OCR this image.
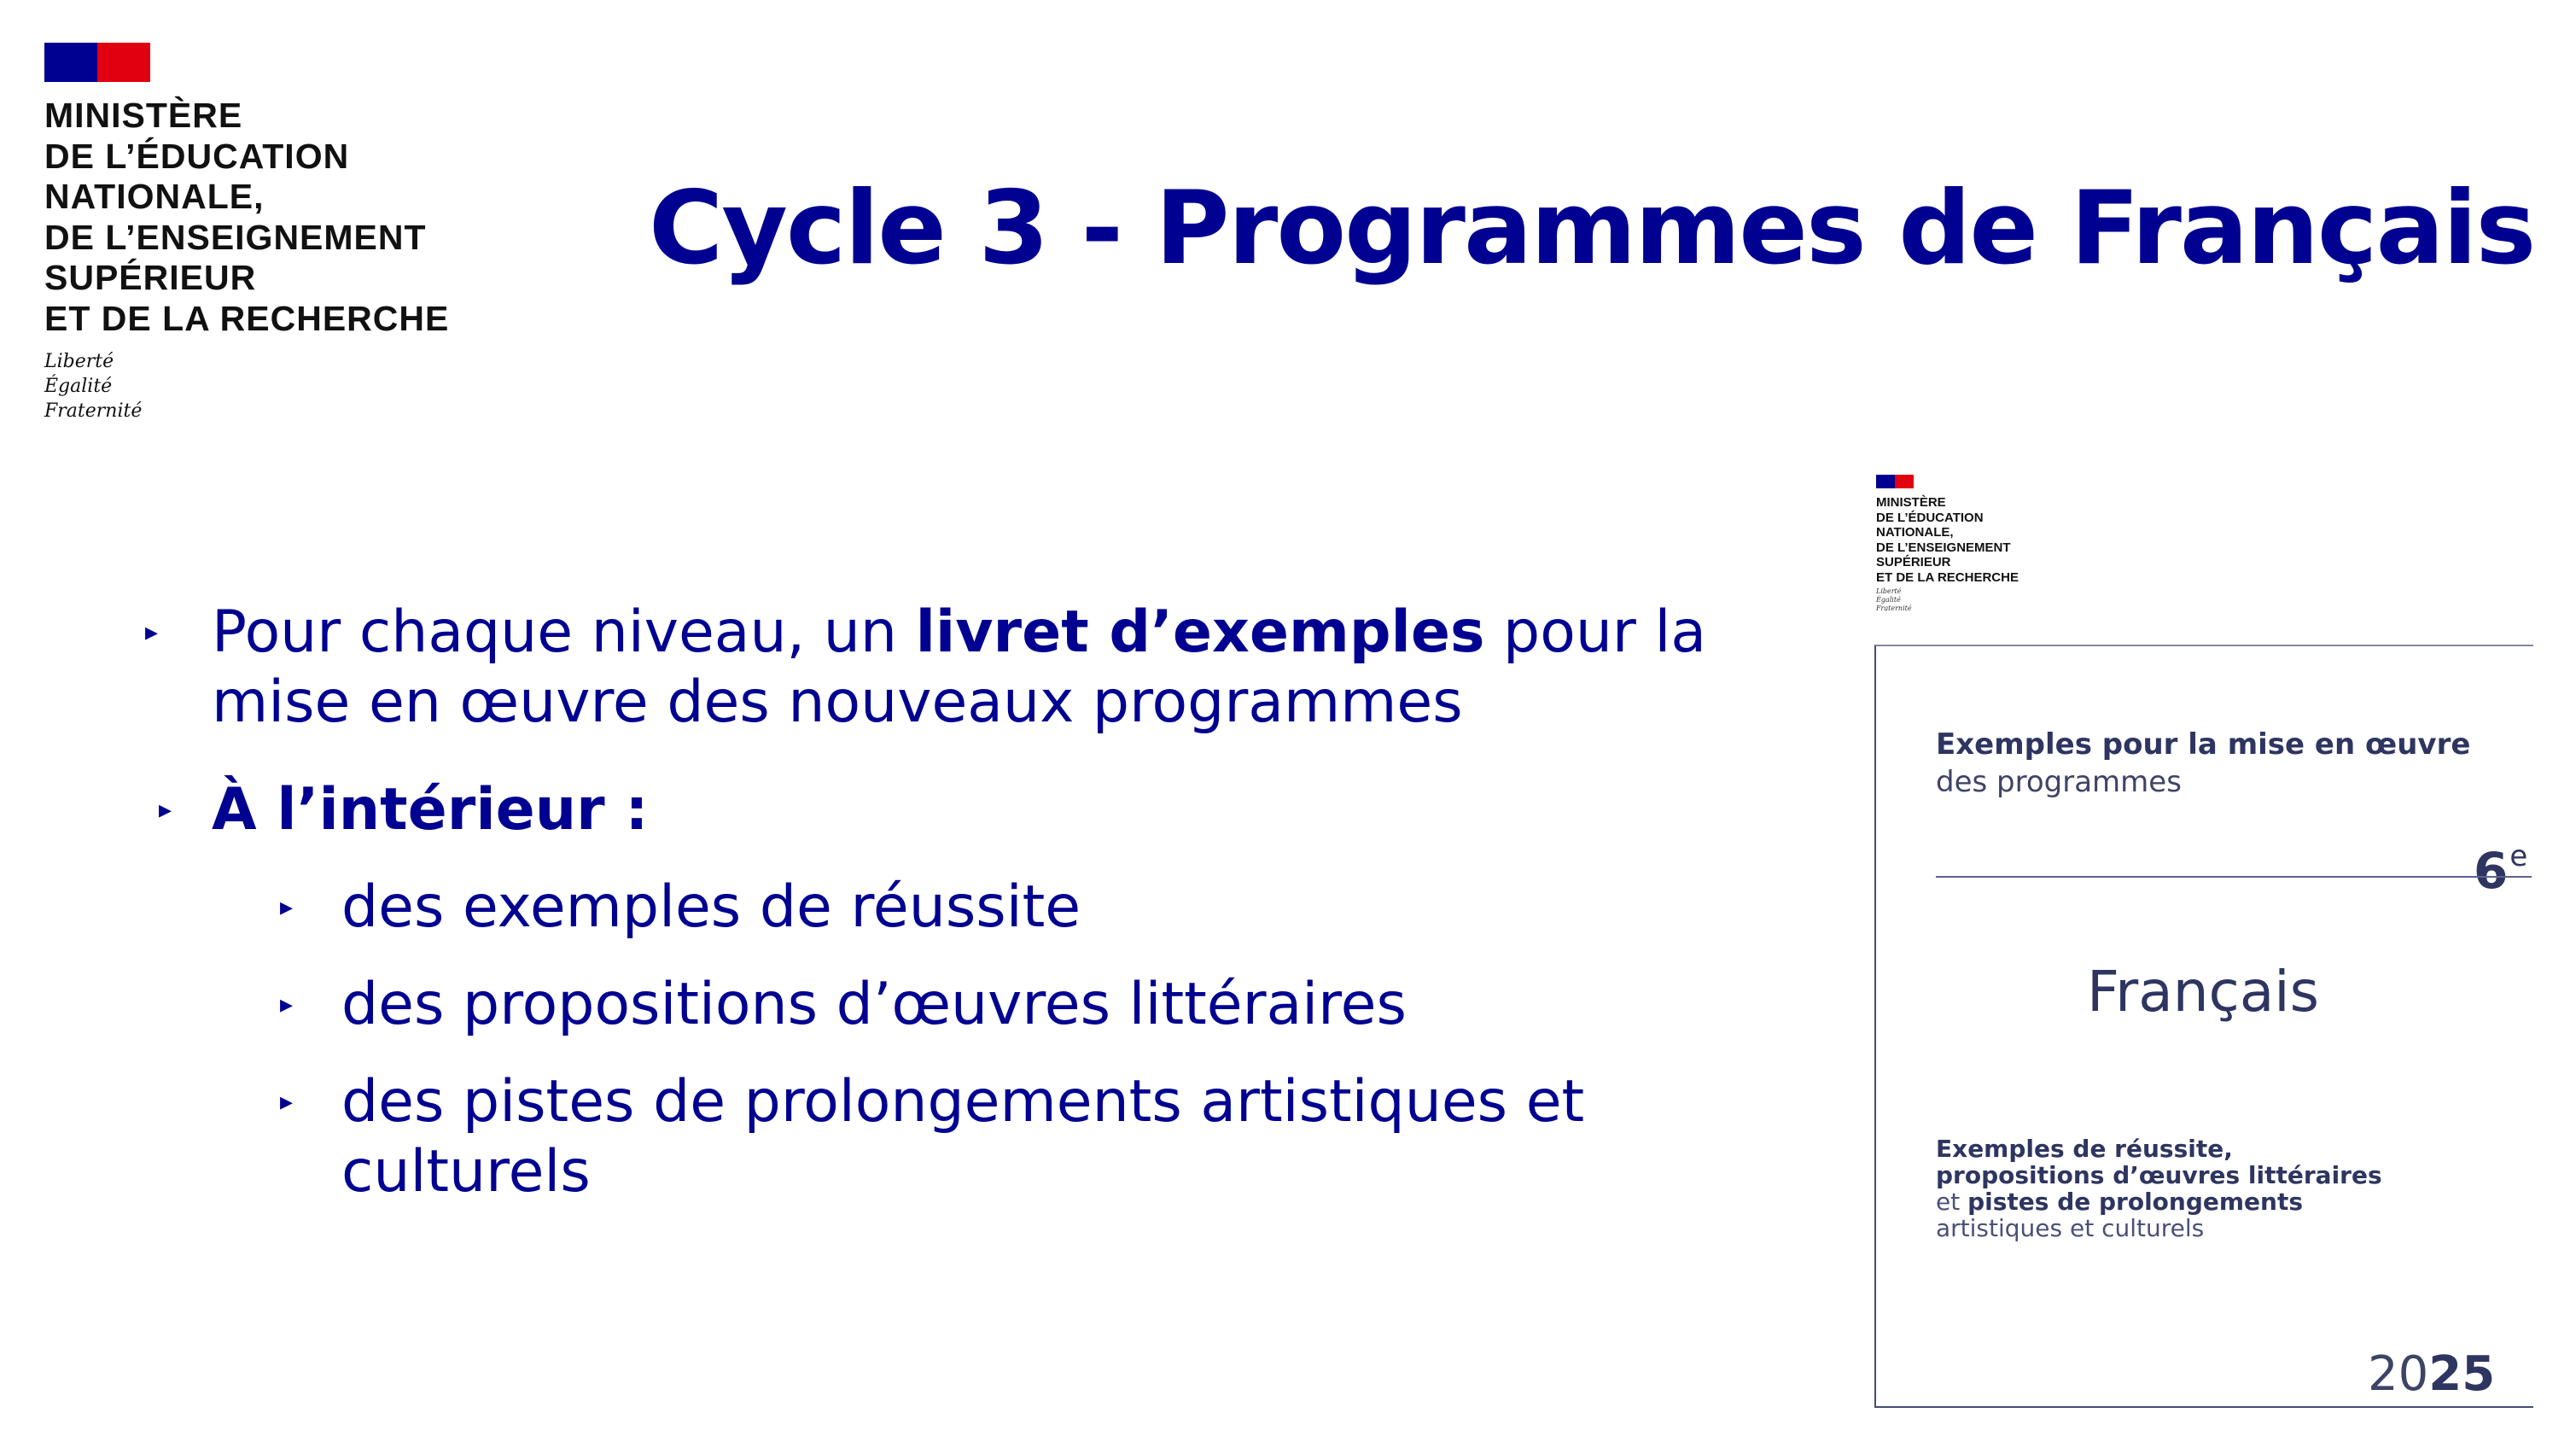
MINISTÈRE
DE L’ÉDUCATION
NATIONALE,
DE L’ENSEIGNEMENT
SUPÉRIEUR
ET DE LA RECHERCHE
Liberté
Égalité
Fraternité
Cycle 3 - Programmes de Français
▸ Pour chaque niveau, un livret d’exemples pour la mise en œuvre des nouveaux programmes
▸ À l’intérieur :
▸ des exemples de réussite
▸ des propositions d’œuvres littéraires
▸ des pistes de prolongements artistiques et culturels
MINISTÈRE
DE L’ÉDUCATION
NATIONALE,
DE L’ENSEIGNEMENT
SUPÉRIEUR
ET DE LA RECHERCHE
Liberté
Égalité
Fraternité
Exemples pour la mise en œuvre
des programmes
6e
Français
Exemples de réussite,
propositions d’œuvres littéraires
et pistes de prolongements
artistiques et culturels
2025
